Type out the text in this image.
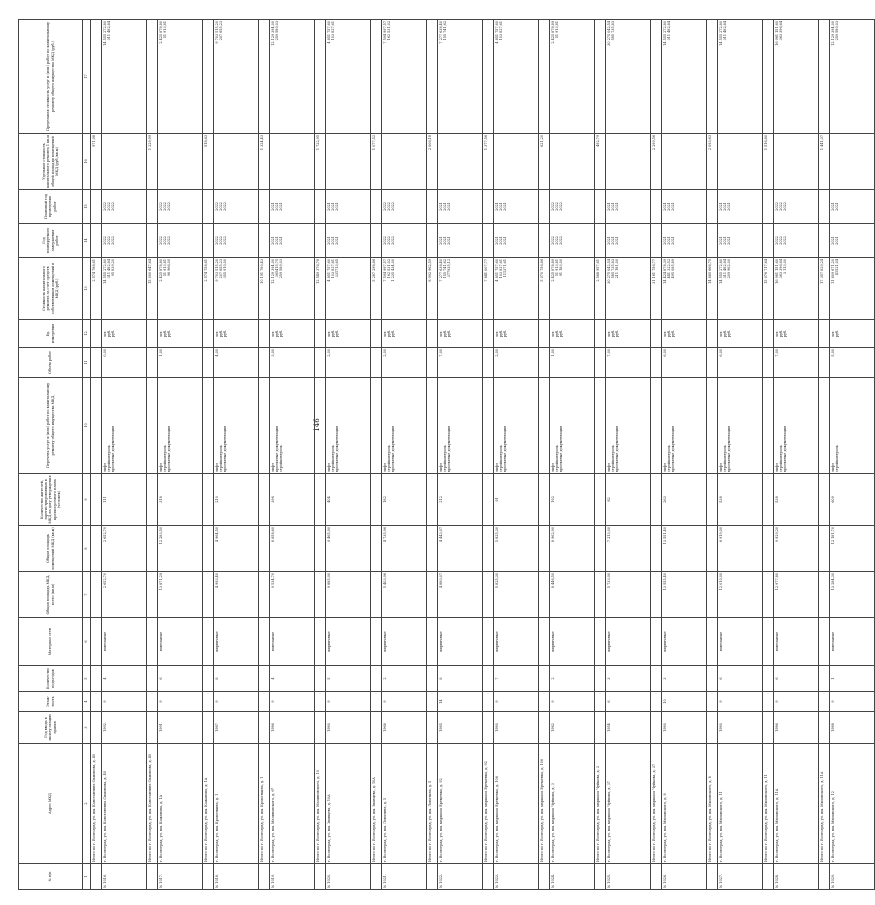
146
№ п/п	Адрес МКД	Год ввода в эксплу-атацию здания	Этаж-ность	Количество подъездов	Материал стен	Общая площадь МКД, всего (кв.м)	Общая площадь помещений МКД (кв.м)	Количество жителей, зарегистрированных в МКД на дату утверждения краткосрочного плана (человек)	Перечень услуг и (или) работ по капитальному ремонту общего имущества МКД	Объем работ	Ед. измерения	Стоимость капитального ремонта за счет средств собственников помещений в МКД (руб.)	Год планируемого завершения работ	Плановый год проведения работ	Удельная стоимость капитального ремонта 1 кв.м общей площади помещений МКД (руб./кв.м)	Предельная стоимость услуг и (или) работ по капитальному ремонту общего имущества МКД (руб.)
1	2	3	4	5	6	7	8	9	10	11	12	13	14	15	16	17
	Итого по г. Волгоград, ул. им. Константина Симонова, д. 40											2 574 788,61			971,98	
№ 1016.	г. Волгоград, ул. им. Константина Симонова, д. 40	1992	9	4	панельные	2 652,70	2 652,70	111	лифт стройконтроль проектные документация	0,00	шт. руб. руб.	14 555 272,80 311 482,84 95 839,20	2022 2022 2022	2022 2022 2022		14 555 272,80 311 482,84

	Итого по г. Волгоград, ул. им. Константина Симонова, д. 40											15 000 647,64			1 229,99	
№ 1017.	г. Волгоград, ул. им. Кожанова, д. 1А	1991	9	6	панельные	13 871,29	12 283,50	318	лифт стройконтроль проектные документация	1,00	шт. руб. руб.	2 425 878,80 51 913,81 96 966,00	2022 2022 2022	2022 2022 2022		2 425 878,80 51 913,81

	Итого по г. Волгоград, ул. им. Кожанова, д. 1А											2 574 758,61			518,63	
№ 1018.	г. Волгоград, ул. им. Кропоткина, д. 1	1987	9	8	кирпичные	4 993,40	4 964,50	210	лифт стройконтроль проектные документация	4,00	шт. руб. руб.	9 703 515,20 207 655,23 355 910,00	2022 2022 2022	2022 2022 2022		9 703 515,20 207 655,23

	Итого по г. Волгоград, ул. им. Кропоткина, д. 1											10 191 780,43			1 324,43	
№ 1019.	г. Волгоград, ул. им. Малиновского, д. 6*	1986	9	4	панельные	9 534,70	8 858,60	396	лифт проектные документация стройконтроль	3,00	шт. руб. руб.	12 129 394,00 365415,75 259 589,03	2021 2021 2021	2021 2021 2021		12 129 394,00 259 589,03

	Итого по г. Волгоград, ул. им. Малиновского, д. 10											12 549 376,78			1 722,95	
№ 1020.	г. Волгоград, ул. им. Званцева, д. 10А	1980	9	5	кирпичные	9 885,90	9 465,90	404	лифт стройконтроль проектные документация	2,00	шт. руб. руб.	4 851 757,60 103 827,61 331713,65	2021 2021 2021	2021 2021 2021		4 851 757,60 103 827,61

	Итого по г. Волгоград, ул. им. Званцева, д. 10А											5 287 298,86			1 077,52	
№ 1021.	г. Волгоград, ул. им. Лопатина, д. 5	1968	9	2	кирпичные	5 403,96	4 735,96	182	лифт стройконтроль проектные документация	2,00	шт. руб. руб.	7 594 997,57 162 531,02 1 235 434,00	2022 2022 2022	2022 2022 2022		7 594 997,57 162 531,02

	Итого по г. Волгоград, ул. им. Лопатина, д. 5											8 992 962,59			2 006,18	
№ 1022.	г. Волгоград, ул. им. маршала Еременко, д. 92	1985	14	8	кирпичные	4 880,07	4 443,07	212	лифт стройконтроль проектные документация	7,00	шт. руб. руб.	7 277 638,40 155 741,62 377935,12	2021 2021 2021	2021 2021 2021		7 277 638,40 155 741,62

	Итого по г. Волгоград, ул. им. маршала Еременко, д. 92											7 841 007,77			1 377,56	
№ 1023.	г. Волгоград, ул. им. маршала Еременко, д. 106	1980	9	7	кирпичные	5 825,30	5 825,30	91	лифт стройконтроль проектные документация	2,00	шт. руб. руб.	4 851 757,60 103 827,61 111371,61	2021 2021 2021	2021 2021 2021		4 851 757,60 103 827,61

	Итого по г. Волгоград, ул. им. маршала Еременко, д. 106											5 070 756,86			621,20	
№ 1024.	г. Волгоград, ул. им. маршала Чуйкова, д. 3	1982	9	2	кирпичные	8 446,50	8 962,90	192	лифт стройконтроль проектные документация	1,00	шт. руб. руб.	2 425 878,89 51 913,81 91 183,00	2022 2022 2022	2022 2022 2022		2 425 878,89 51 913,81

	Итого по г. Волгоград, ул. им. маршала Чуйкова, д. 3											2 568 957,61			492,79	
№ 1025.	г. Волгоград, ул. им. маршала Чуйкова, д. 37	1954	6	3	кирпичные	5 733,90	7 213,00	82	лифт стройконтроль проектные документация	7,00	шт. руб. руб.	30 275 042,54 585 735,83 211 181,00	2021 2021 2021	2021 2021 2021		30 275 042,54 585 735,83

	Итого по г. Волгоград, ул. им. маршала Чуйкова, д. 37											31 161 756,77			2 299,56	
№ 1026.	г. Волгоград, ул. им. Миланского, д. 8	1980	10	3	кирпичные	13 555,40	13 551,40	263	лифт стройконтроль проектные документация	6,00	шт. руб. руб.	14 424 878,39 441 322,52 495 085,89	2021 2021 2021	2021 2021 2021		14 555 272,80 311 482,84

	Итого по г. Волгоград, ул. им. Миланского, д. 8											14 885 668,75			2 093,63	
№ 1027.	г. Волгоград, ул. им. Миланского, д. 11	1980	9	6	панельные	12 010,00	6 919,00	538	лифт стройконтроль проектные документация	6,00	шт. руб. руб.	14 555 272,80 311 482,84 209 962,00	2021 2021 2021	2021 2021 2021		14 555 272,80 311 482,84

	Итого по г. Волгоград, ул. им. Миланского, д. 11											15 076 717,64			1 516,80	
№ 1028.	г. Волгоград, ул. им. Миланского, д. 11А	1986	9	6	панельные	12 977,80	9 929,20	538	лифт стройконтроль проектные документация	7,00	шт. руб. руб.	16 981 151,60 363 396,64 3 113,00	2022 2022 2022	2022 2022 2022		16 981 151,60 363 396,64

	Итого по г. Волгоград, ул. им. Миланского, д. 11А											17 357 829,24			1 441,37	
№ 1029.	г. Волгоград, ул. им. Миланского, д. 12	1988	9	1	панельные	13 284,30	12 181,70	609	лифт стройконтроль	5,00	шт. руб.	11 809 671,20 41521,04	2021 2021	2021 2021		12 129 394,00 259 589,03
